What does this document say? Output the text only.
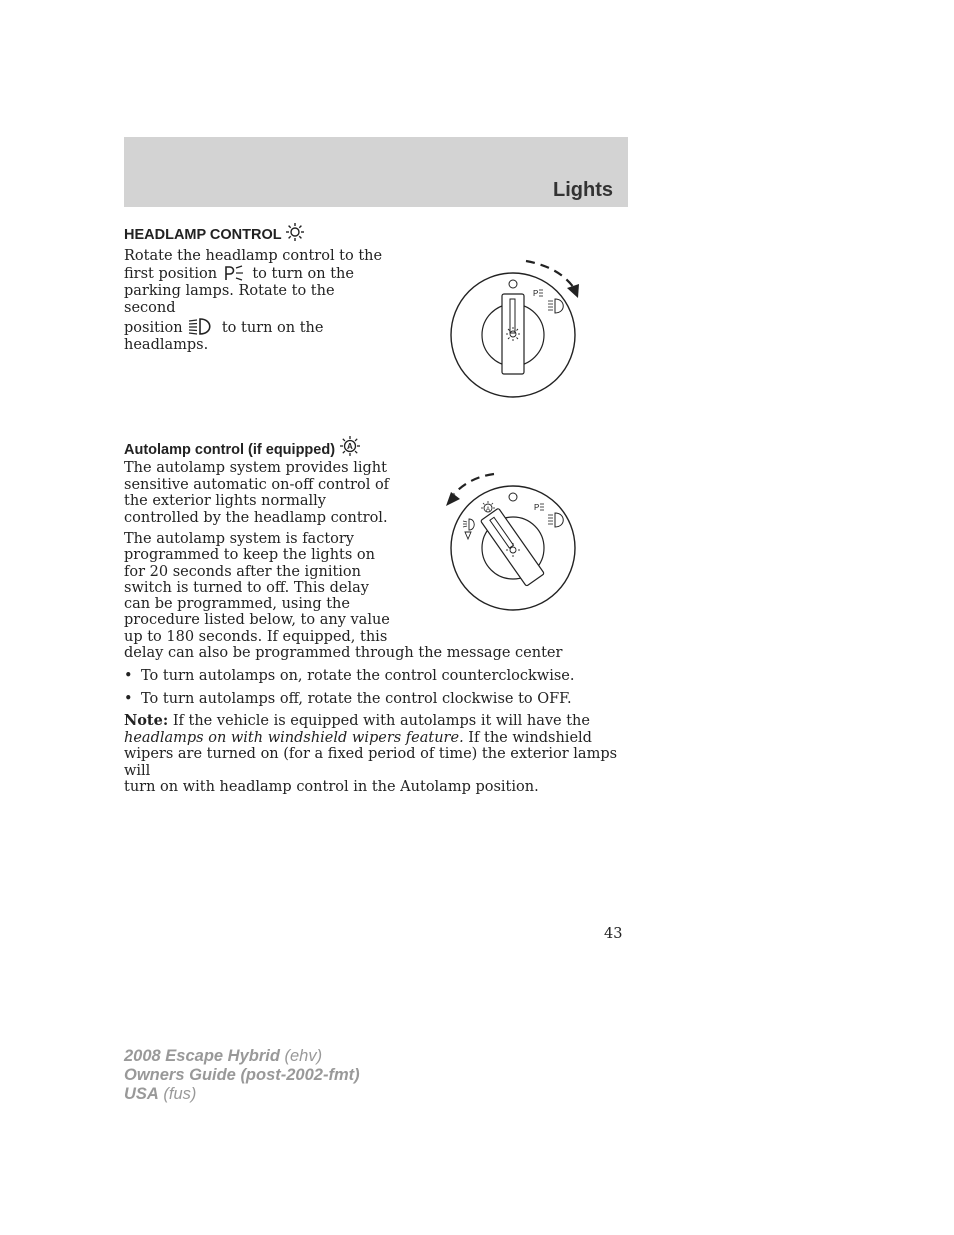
Lights
HEADLAMP CONTROL
Rotate the headlamp control to the
first position to turn on the
parking lamps. Rotate to the second
position	to turn on the
headlamps.
P
Autolamp control (if equipped) A
The autolamp system provides light
sensitive automatic on-off control of
the exterior lights normally
controlled by the headlamp control.
The autolamp system is factory
programmed to keep the lights on
for 20 seconds after the ignition
switch is turned to off. This delay
can be programmed, using the
procedure listed below, to any value
up to 180 seconds. If equipped, this
delay can also be programmed through the message center
A	P
• To turn autolamps on, rotate the control counterclockwise.
• To turn autolamps off, rotate the control clockwise to OFF.
Note: If the vehicle is equipped with autolamps it will have the
headlamps on with windshield wipers feature. If the windshield
wipers are turned on (for a fixed period of time) the exterior lamps will
turn on with headlamp control in the Autolamp position.
43
2008 Escape Hybrid (ehv)
Owners Guide (post-2002-fmt)
USA (fus)
